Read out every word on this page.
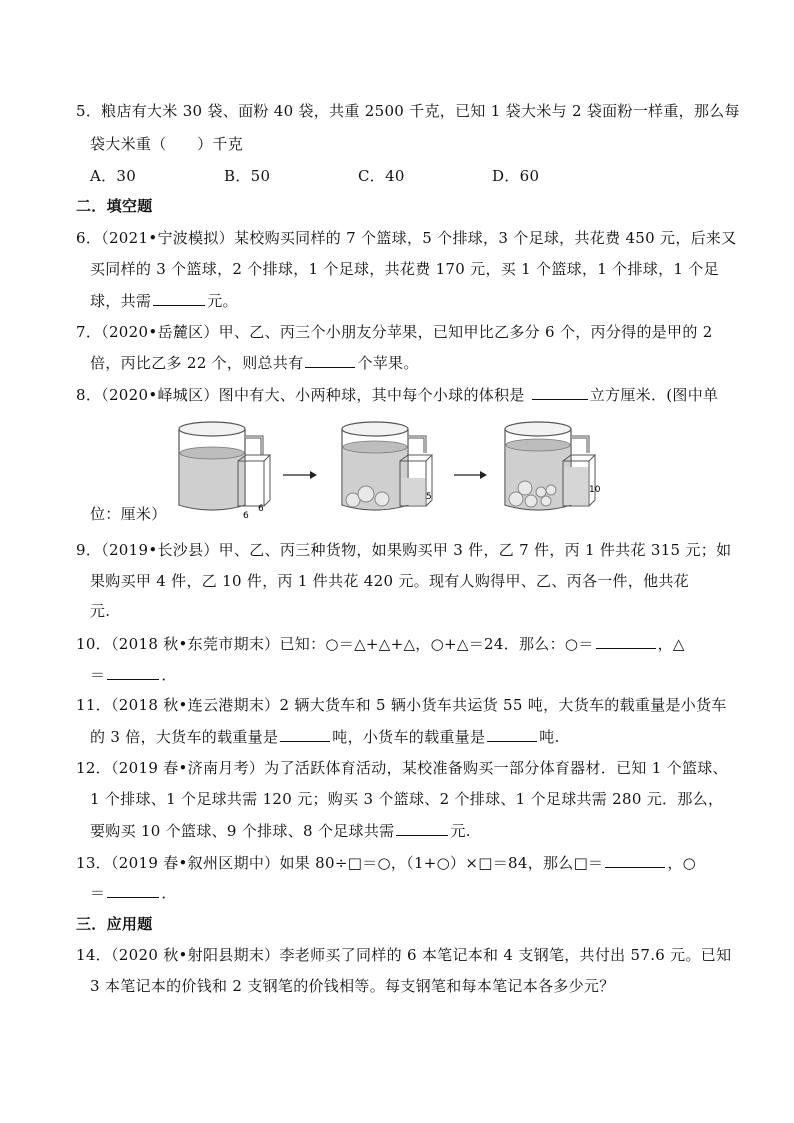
5．粮店有大米 30 袋、面粉 40 袋，共重 2500 千克，已知 1 袋大米与 2 袋面粉一样重，那么每
袋大米重（　　）千克
A．30	B．50	C．40	D．60
二．填空题
6．（2021•宁波模拟）某校购买同样的 7 个篮球，5 个排球，3 个足球，共花费 450 元，后来又
买同样的 3 个篮球，2 个排球，1 个足球，共花费 170 元，买 1 个篮球，1 个排球，1 个足
球，共需	元。
7．（2020•岳麓区）甲、乙、丙三个小朋友分苹果，已知甲比乙多分 6 个，丙分得的是甲的 2
倍，丙比乙多 22 个，则总共有	个苹果。
8．（2020•峄城区）图中有大、小两种球，其中每个小球的体积是	立方厘米．(图中单
6
6
5
10
位：厘米）
9．（2019•长沙县）甲、乙、丙三种货物，如果购买甲 3 件，乙 7 件，丙 1 件共花 315 元；如
果购买甲 4 件，乙 10 件，丙 1 件共花 420 元。现有人购得甲、乙、丙各一件，他共花
元.
10．（2018 秋•东莞市期末）已知：○＝△+△+△，○+△＝24．那么：○＝	，△
＝	．
11．（2018 秋•连云港期末）2 辆大货车和 5 辆小货车共运货 55 吨，大货车的载重量是小货车
的 3 倍，大货车的载重量是	吨，小货车的载重量是	吨.
12．（2019 春•济南月考）为了活跃体育活动，某校准备购买一部分体育器材．已知 1 个篮球、
1 个排球、1 个足球共需 120 元；购买 3 个篮球、2 个排球、1 个足球共需 280 元．那么，
要购买 10 个篮球、9 个排球、8 个足球共需	元.
13．（2019 春•叙州区期中）如果 80÷□＝○，（1+○）×□＝84，那么□＝	，○
＝	．
三．应用题
14．（2020 秋•射阳县期末）李老师买了同样的 6 本笔记本和 4 支钢笔，共付出 57.6 元。已知
3 本笔记本的价钱和 2 支钢笔的价钱相等。每支钢笔和每本笔记本各多少元？
